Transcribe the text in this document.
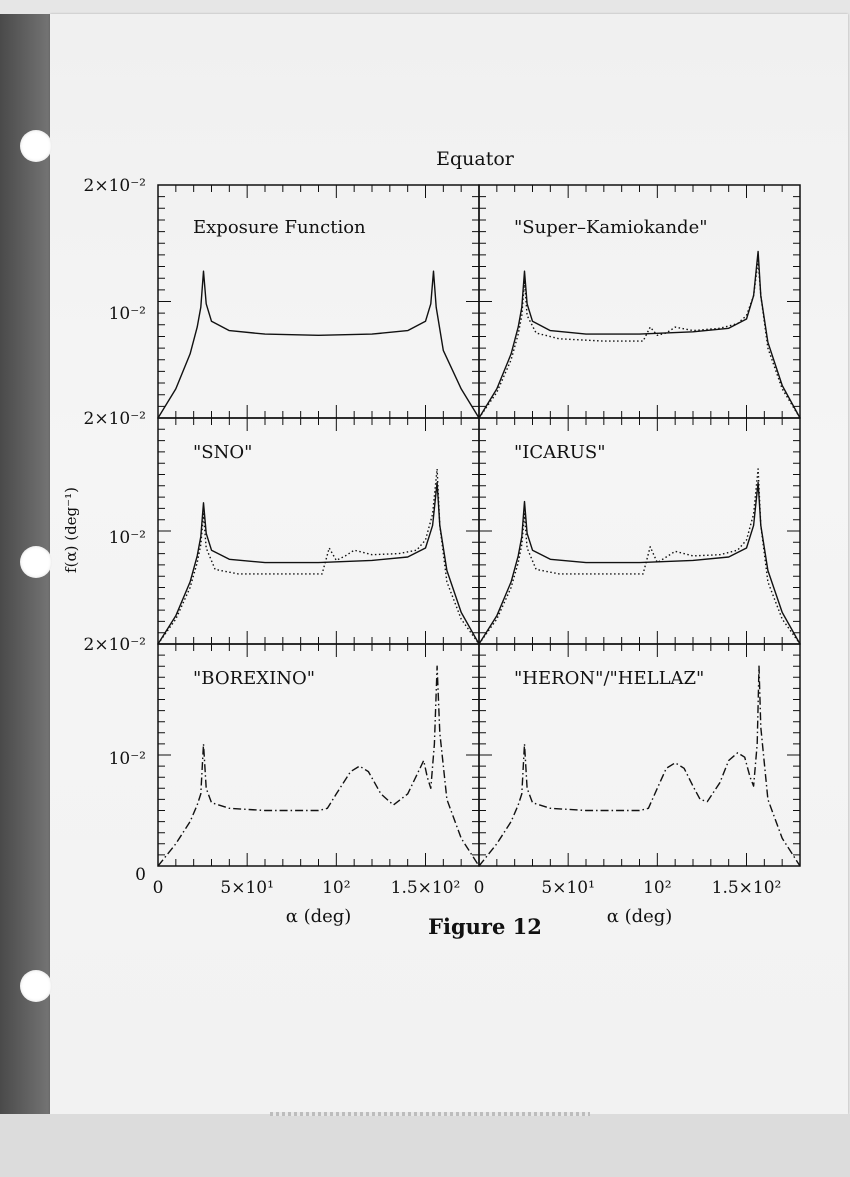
Exposure Function	"Super–Kamiokande"
"SNO"	"ICARUS"
"BOREXINO"	"HERON"/"HELLAZ"
2×10⁻²
10⁻²
2×10⁻²
10⁻²
2×10⁻²
10⁻²
0
0	5×10¹	10² 1.5×10²
α (deg)
0	5×10¹	10² 1.5×10²
α (deg)
f(α) (deg⁻¹)
Equator
Figure 12
